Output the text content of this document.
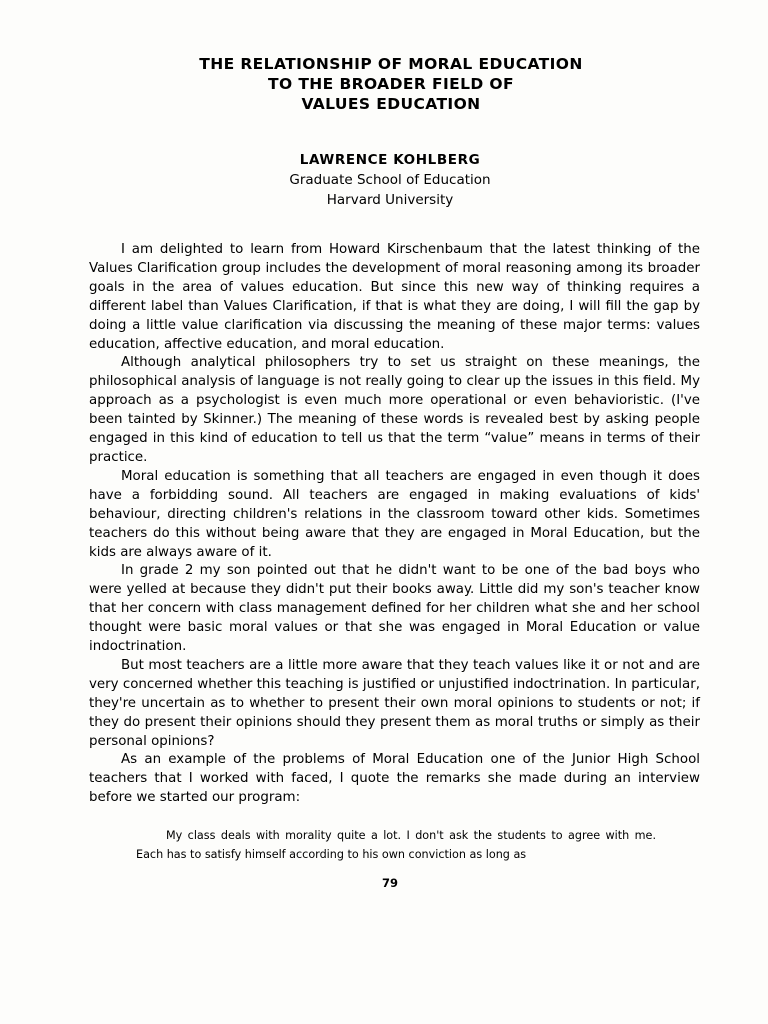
THE RELATIONSHIP OF MORAL EDUCATION
TO THE BROADER FIELD OF
VALUES EDUCATION
LAWRENCE KOHLBERG
Graduate School of Education
Harvard University

I am delighted to learn from Howard Kirschenbaum that the latest thinking of the Values Clarification group includes the development of moral reasoning among its broader goals in the area of values education. But since this new way of thinking requires a different label than Values Clarification, if that is what they are doing, I will fill the gap by doing a little value clarification via discussing the meaning of these major terms: values education, affective education, and moral education.

Although analytical philosophers try to set us straight on these meanings, the philosophical analysis of language is not really going to clear up the issues in this field. My approach as a psychologist is even much more operational or even behavioristic. (I've been tainted by Skinner.) The meaning of these words is revealed best by asking people engaged in this kind of education to tell us that the term “value” means in terms of their practice.

Moral education is something that all teachers are engaged in even though it does have a forbidding sound. All teachers are engaged in making evaluations of kids' behaviour, directing children's relations in the classroom toward other kids. Sometimes teachers do this without being aware that they are engaged in Moral Education, but the kids are always aware of it.

In grade 2 my son pointed out that he didn't want to be one of the bad boys who were yelled at because they didn't put their books away. Little did my son's teacher know that her concern with class management defined for her children what she and her school thought were basic moral values or that she was engaged in Moral Education or value indoctrination.

But most teachers are a little more aware that they teach values like it or not and are very concerned whether this teaching is justified or unjustified indoctrination. In particular, they're uncertain as to whether to present their own moral opinions to students or not; if they do present their opinions should they present them as moral truths or simply as their personal opinions?

As an example of the problems of Moral Education one of the Junior High School teachers that I worked with faced, I quote the remarks she made during an interview before we started our program:

My class deals with morality quite a lot. I don't ask the students to agree with me. Each has to satisfy himself according to his own conviction as long as

79
